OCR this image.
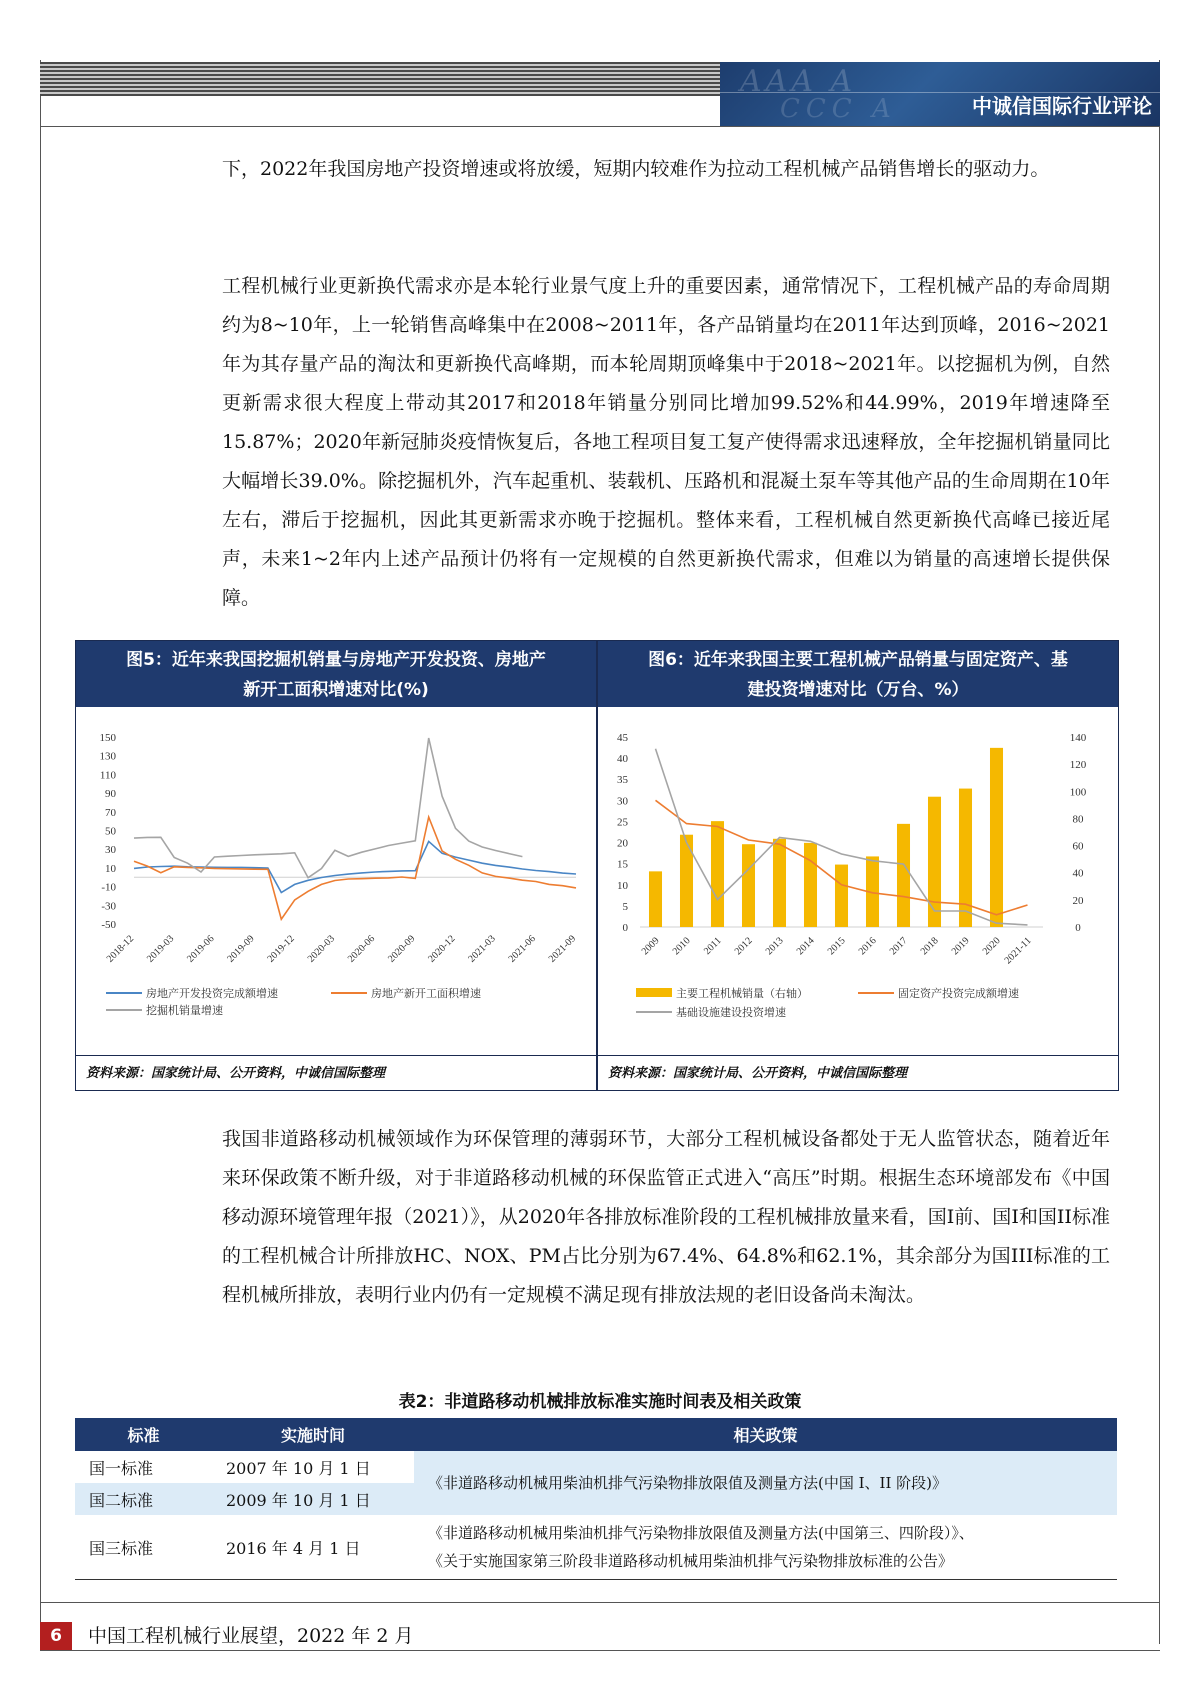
AAA A
CCC A	中诚信国际行业评论

下，2022年我国房地产投资增速或将放缓，短期内较难作为拉动工程机械产品销售增长的驱动力。

工程机械行业更新换代需求亦是本轮行业景气度上升的重要因素，通常情况下，工程机械产品的寿命周期约为8~10年，上一轮销售高峰集中在2008~2011年，各产品销量均在2011年达到顶峰，2016~2021年为其存量产品的淘汰和更新换代高峰期，而本轮周期顶峰集中于2018~2021年。以挖掘机为例，自然更新需求很大程度上带动其2017和2018年销量分别同比增加99.52%和44.99%，2019年增速降至15.87%；2020年新冠肺炎疫情恢复后，各地工程项目复工复产使得需求迅速释放，全年挖掘机销量同比大幅增长39.0%。除挖掘机外，汽车起重机、装载机、压路机和混凝土泵车等其他产品的生命周期在10年左右，滞后于挖掘机，因此其更新需求亦晚于挖掘机。整体来看，工程机械自然更新换代高峰已接近尾声，未来1~2年内上述产品预计仍将有一定规模的自然更新换代需求，但难以为销量的高速增长提供保障。

图5：近年来我国挖掘机销量与房地产开发投资、房地产
新开工面积增速对比(%)
图6：近年来我国主要工程机械产品销量与固定资产、基
建投资增速对比（万台、%）
150
130
110
90
70
50
30
10
-10
-30
-50
2018-12 2019-03 2019-06 2019-09 2019-12 2020-03 2020-06 2020-09 2020-12 2021-03 2021-06 2021-09
房地产开发投资完成额增速	房地产新开工面积增速
挖掘机销量增速
45
40
35
30
25
20
15
10
5
0
140
120
100
80
60
40
20
0
2009 2010 2011 2012 2013 2014 2015 2016 2017 2018 2019 2020 2021-11
主要工程机械销量（右轴）	固定资产投资完成额增速
基础设施建设投资增速
资料来源：国家统计局、公开资料，中诚信国际整理	资料来源：国家统计局、公开资料，中诚信国际整理

我国非道路移动机械领域作为环保管理的薄弱环节，大部分工程机械设备都处于无人监管状态，随着近年来环保政策不断升级，对于非道路移动机械的环保监管正式进入“高压”时期。根据生态环境部发布《中国移动源环境管理年报（2021）》，从2020年各排放标准阶段的工程机械排放量来看，国I前、国I和国II标准的工程机械合计所排放HC、NOX、PM占比分别为67.4%、64.8%和62.1%，其余部分为国III标准的工程机械所排放，表明行业内仍有一定规模不满足现有排放法规的老旧设备尚未淘汰。

表2：非道路移动机械排放标准实施时间表及相关政策
标准	实施时间	相关政策
国一标准	2007 年 10 月 1 日	《非道路移动机械用柴油机排气污染物排放限值及测量方法(中国 I、II 阶段)》
国二标准	2009 年 10 月 1 日	
国三标准	2016 年 4 月 1 日	《非道路移动机械用柴油机排气污染物排放限值及测量方法(中国第三、四阶段）》、
《关于实施国家第三阶段非道路移动机械用柴油机排气污染物排放标准的公告》
6	中国工程机械行业展望，2022 年 2 月
